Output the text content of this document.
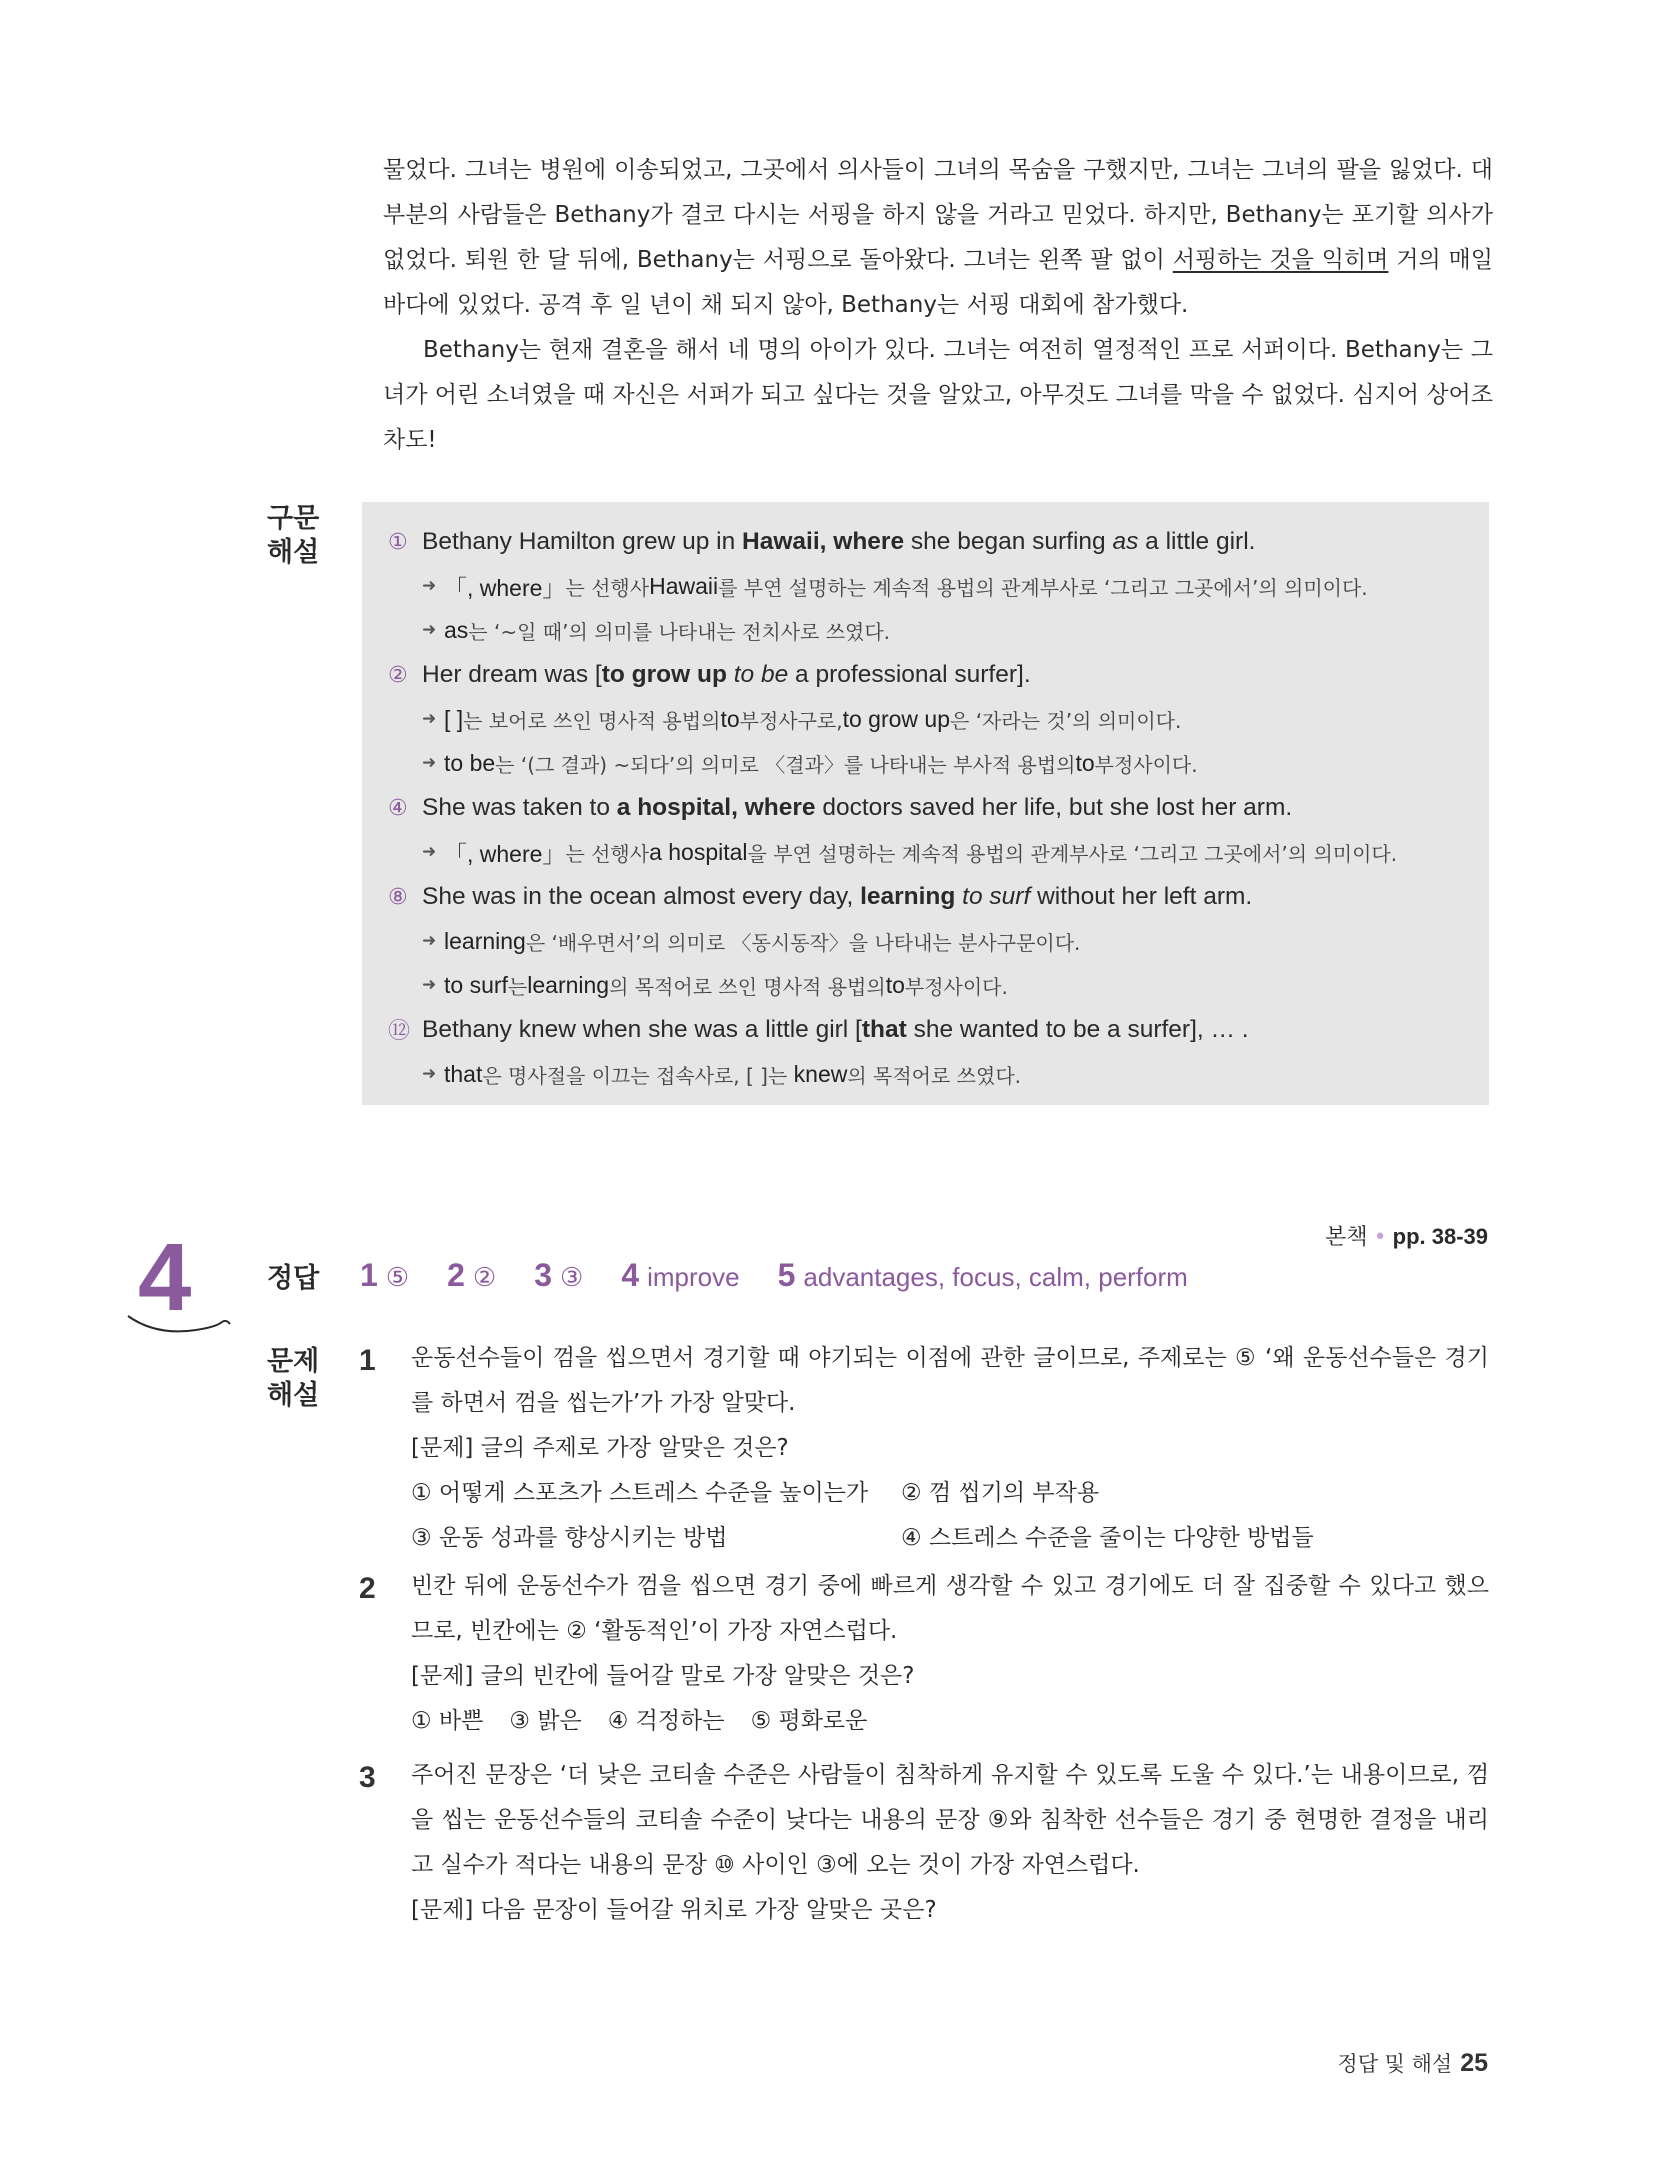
물었다. 그녀는 병원에 이송되었고, 그곳에서 의사들이 그녀의 목숨을 구했지만, 그녀는 그녀의 팔을 잃었다. 대부분의 사람들은 Bethany가 결코 다시는 서핑을 하지 않을 거라고 믿었다. 하지만, Bethany는 포기할 의사가 없었다. 퇴원 한 달 뒤에, Bethany는 서핑으로 돌아왔다. 그녀는 왼쪽 팔 없이 서핑하는 것을 익히며 거의 매일 바다에 있었다. 공격 후 일 년이 채 되지 않아, Bethany는 서핑 대회에 참가했다.

Bethany는 현재 결혼을 해서 네 명의 아이가 있다. 그녀는 여전히 열정적인 프로 서퍼이다. Bethany는 그녀가 어린 소녀였을 때 자신은 서퍼가 되고 싶다는 것을 알았고, 아무것도 그녀를 막을 수 없었다. 심지어 상어조차도!

구문
해설	① Bethany Hamilton grew up in Hawaii, where she began surfing as a little girl.
➜ 「, where」 는 선행사 Hawaii 를 부연 설명하는 계속적 용법의 관계부사로 ‘그리고 그곳에서’의 의미이다.
➜ as 는 ‘~일 때’의 의미를 나타내는 전치사로 쓰였다.
② Her dream was [ to grow up
to be a professional surfer].
➜ [ ] 는 보어로 쓰인 명사적 용법의 to 부정사구로, to grow up 은 ‘자라는 것’의 의미이다.
➜ to be 는 ‘(그 결과) ~되다’의 의미로 〈결과〉를 나타내는 부사적 용법의 to 부정사이다.
④ She was taken to a hospital, where doctors saved her life, but she lost her arm.
➜ 「, where」 는 선행사 a hospital 을 부연 설명하는 계속적 용법의 관계부사로 ‘그리고 그곳에서’의 의미이다.
⑧ She was in the ocean almost every day, learning
to surf without her left arm.
➜ learning 은 ‘배우면서’의 의미로 〈동시동작〉을 나타내는 분사구문이다.
➜ to surf 는 learning 의 목적어로 쓰인 명사적 용법의 to 부정사이다.
⑫ Bethany knew when she was a little girl [ that she wanted to be a surfer], … .
➜ that 은 명사절을 이끄는 접속사로, [ ]는 knew 의 목적어로 쓰였다.
4	본책 • pp. 38-39
정답	1 ⑤ 2 ② 3 ③ 4 improve 5 advantages, focus, calm, perform
문제
해설
1 운동선수들이 껌을 씹으면서 경기할 때 야기되는 이점에 관한 글이므로, 주제로는 ⑤ ‘왜 운동선수들은 경기를 하면서 껌을 씹는가’가 가장 알맞다.

[문제] 글의 주제로 가장 알맞은 것은?

① 어떻게 스포츠가 스트레스 수준을 높이는가	② 껌 씹기의 부작용
③ 운동 성과를 향상시키는 방법	④ 스트레스 수준을 줄이는 다양한 방법들
2 빈칸 뒤에 운동선수가 껌을 씹으면 경기 중에 빠르게 생각할 수 있고 경기에도 더 잘 집중할 수 있다고 했으므로, 빈칸에는 ② ‘활동적인’이 가장 자연스럽다.

[문제] 글의 빈칸에 들어갈 말로 가장 알맞은 것은?

① 바쁜 ③ 밝은 ④ 걱정하는 ⑤ 평화로운
3 주어진 문장은 ‘더 낮은 코티솔 수준은 사람들이 침착하게 유지할 수 있도록 도울 수 있다.’는 내용이므로, 껌을 씹는 운동선수들의 코티솔 수준이 낮다는 내용의 문장 ⑨와 침착한 선수들은 경기 중 현명한 결정을 내리고 실수가 적다는 내용의 문장 ⑩ 사이인 ③에 오는 것이 가장 자연스럽다.

[문제] 다음 문장이 들어갈 위치로 가장 알맞은 곳은?

정답 및 해설 25
